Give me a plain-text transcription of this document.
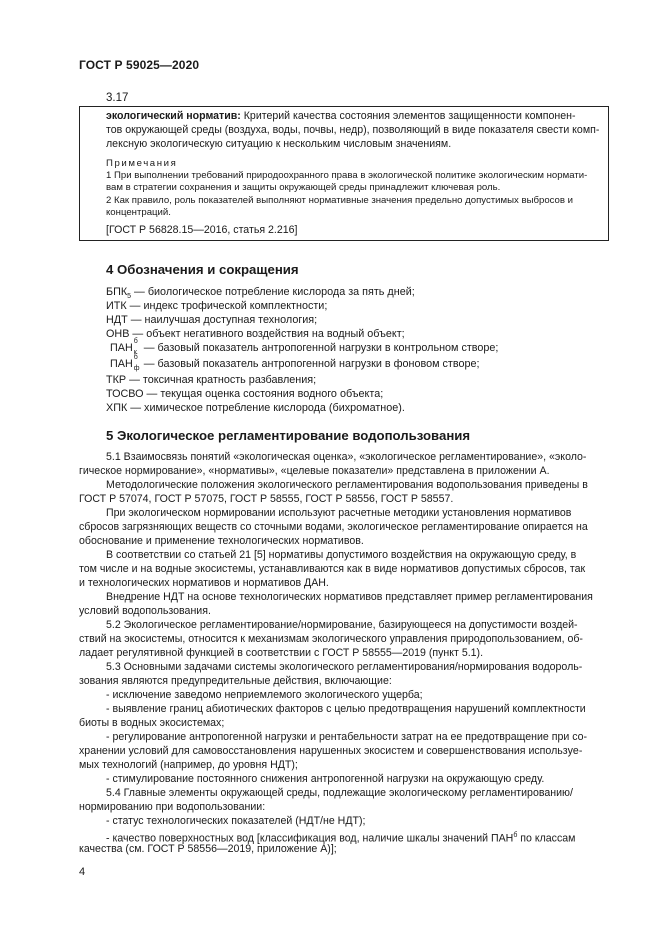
ГОСТ Р 59025—2020
3.17
экологический норматив: Критерий качества состояния элементов защищенности компонен-
тов окружающей среды (воздуха, воды, почвы, недр), позволяющий в виде показателя свести комп-
лексную экологическую ситуацию к нескольким числовым значениям.
Примечания
1 При выполнении требований природоохранного права в экологической политике экологическим нормати-
вам в стратегии сохранения и защиты окружающей среды принадлежит ключевая роль.
2 Как правило, роль показателей выполняют нормативные значения предельно допустимых выбросов и
концентраций.
[ГОСТ Р 56828.15—2016, статья 2.216]
4 Обозначения и сокращения
$БПК_5$ — биологическое потребление кислорода за пять дней;
ИТК — индекс трофической комплектности;
НДТ — наилучшая доступная технология;
ОНВ — объект негативного воздействия на водный объект;
ПАН
б
к — базовый показатель антропогенной нагрузки в контрольном створе;
ПАН
б
ф — базовый показатель антропогенной нагрузки в фоновом створе;
ТКР — токсичная кратность разбавления;
ТОСВО — текущая оценка состояния водного объекта;
ХПК — химическое потребление кислорода (бихроматное).
5 Экологическое регламентирование водопользования
5.1 Взаимосвязь понятий «экологическая оценка», «экологическое регламентирование», «эколо-
гическое нормирование», «нормативы», «целевые показатели» представлена в приложении А.
Методологические положения экологического регламентирования водопользования приведены в
ГОСТ Р 57074, ГОСТ Р 57075, ГОСТ Р 58555, ГОСТ Р 58556, ГОСТ Р 58557.
При экологическом нормировании используют расчетные методики установления нормативов
сбросов загрязняющих веществ со сточными водами, экологическое регламентирование опирается на
обоснование и применение технологических нормативов.
В соответствии со статьей 21 [5] нормативы допустимого воздействия на окружающую среду, в
том числе и на водные экосистемы, устанавливаются как в виде нормативов допустимых сбросов, так
и технологических нормативов и нормативов ДАН.
Внедрение НДТ на основе технологических нормативов представляет пример регламентирования
условий водопользования.
5.2 Экологическое регламентирование/нормирование, базирующееся на допустимости воздей-
ствий на экосистемы, относится к механизмам экологического управления природопользованием, об-
ладает регулятивной функцией в соответствии с ГОСТ Р 58555—2019 (пункт 5.1).
5.3 Основными задачами системы экологического регламентирования/нормирования водopоль-
зования являются предупредительные действия, включающие:
- исключение заведомо неприемлемого экологического ущерба;
- выявление границ абиотических факторов с целью предотвращения нарушений комплектности
биоты в водных экосистемах;
- регулирование антропогенной нагрузки и рентабельности затрат на ее предотвращение при со-
хранении условий для самовосстановления нарушенных экосистем и совершенствования использye-
мых технологий (например, до уровня НДТ);
- стимулирование постоянного снижения антропогенной нагрузки на окружающую среду.
5.4 Главные элементы окружающей среды, подлежащие экологическому регламентированию/
нормированию при водопользовании:
- статус технологических показателей (НДТ/не НДТ);
- качество поверхностных вод [классификация вод, наличие шкалы значений $ПАН^б$ по классам
качества (см. ГОСТ Р 58556—2019, приложение А)];
4
